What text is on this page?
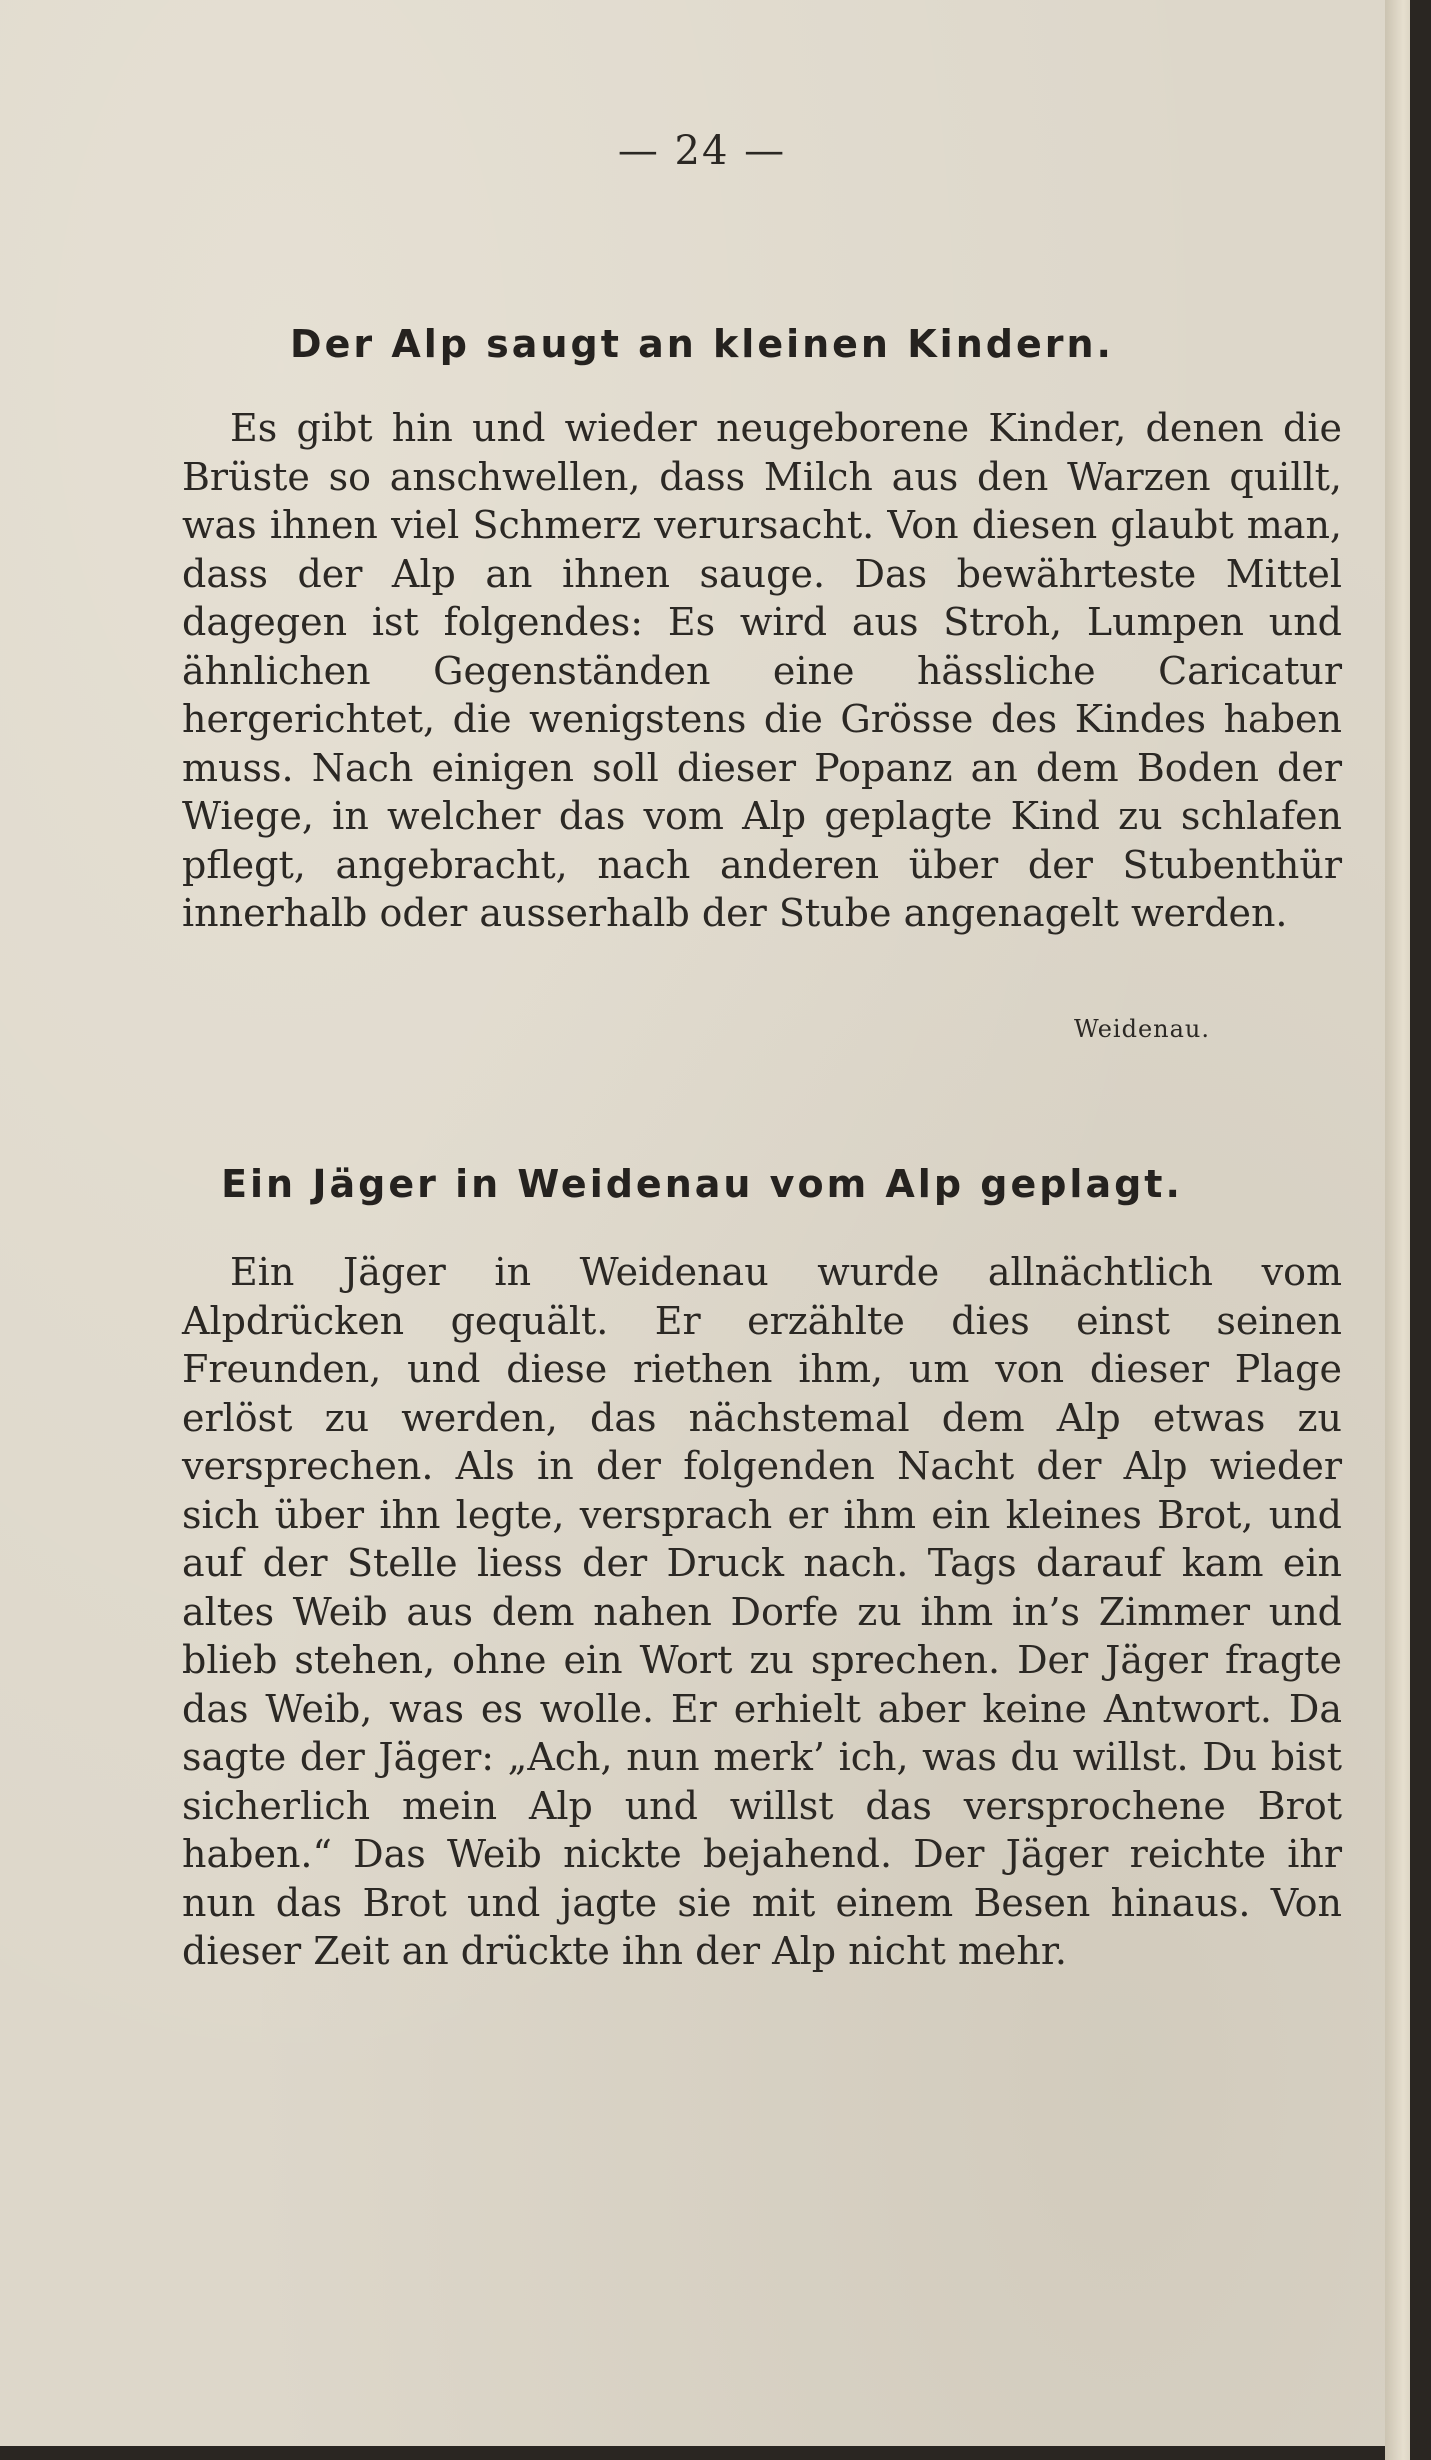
— 24 —
Der Alp saugt an kleinen Kindern.
Es gibt hin und wieder neugeborene Kinder, denen die Brüste so anschwellen, dass Milch aus den Warzen quillt, was ihnen viel Schmerz verursacht. Von diesen glaubt man, dass der Alp an ihnen sauge. Das bewährteste Mittel dagegen ist folgendes: Es wird aus Stroh, Lumpen und ähnlichen Gegenständen eine hässliche Caricatur hergerichtet, die wenigstens die Grösse des Kindes haben muss. Nach einigen soll dieser Popanz an dem Boden der Wiege, in welcher das vom Alp geplagte Kind zu schlafen pflegt, angebracht, nach anderen über der Stubenthür innerhalb oder ausserhalb der Stube angenagelt werden.
Weidenau.
Ein Jäger in Weidenau vom Alp geplagt.
Ein Jäger in Weidenau wurde allnächtlich vom Alpdrücken gequält. Er erzählte dies einst seinen Freunden, und diese riethen ihm, um von dieser Plage erlöst zu werden, das nächstemal dem Alp etwas zu versprechen. Als in der folgenden Nacht der Alp wieder sich über ihn legte, versprach er ihm ein kleines Brot, und auf der Stelle liess der Druck nach. Tags darauf kam ein altes Weib aus dem nahen Dorfe zu ihm in’s Zimmer und blieb stehen, ohne ein Wort zu sprechen. Der Jäger fragte das Weib, was es wolle. Er erhielt aber keine Antwort. Da sagte der Jäger: „Ach, nun merk’ ich, was du willst. Du bist sicherlich mein Alp und willst das versprochene Brot haben.“ Das Weib nickte bejahend. Der Jäger reichte ihr nun das Brot und jagte sie mit einem Besen hinaus. Von dieser Zeit an drückte ihn der Alp nicht mehr.
